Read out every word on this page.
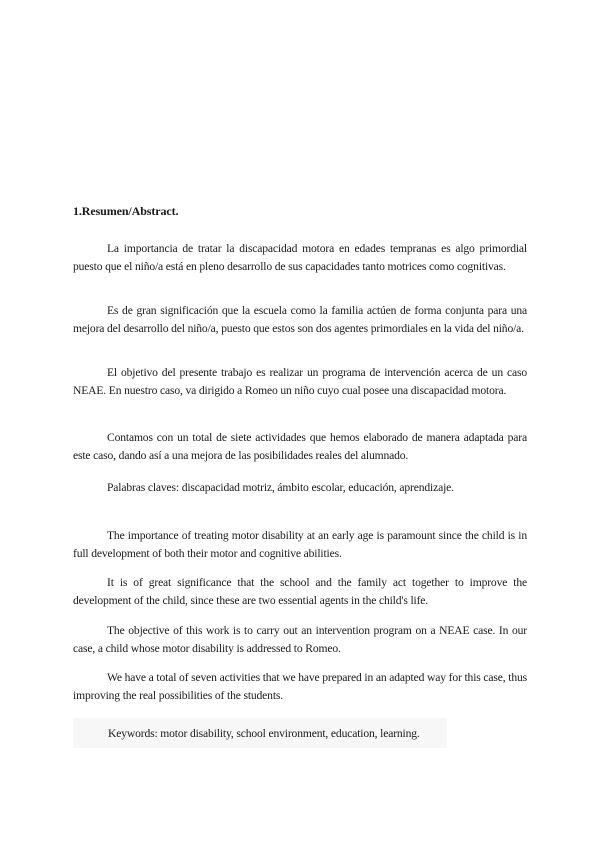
1.Resumen/Abstract.

La importancia de tratar la discapacidad motora en edades tempranas es algo primordial puesto que el niño/a está en pleno desarrollo de sus capacidades tanto motrices como cognitivas.

Es de gran significación que la escuela como la familia actúen de forma conjunta para una mejora del desarrollo del niño/a, puesto que estos son dos agentes primordiales en la vida del niño/a.

El objetivo del presente trabajo es realizar un programa de intervención acerca de un caso NEAE. En nuestro caso, va dirigido a Romeo un niño cuyo cual posee una discapacidad motora.

Contamos con un total de siete actividades que hemos elaborado de manera adaptada para este caso, dando así a una mejora de las posibilidades reales del alumnado.

Palabras claves: discapacidad motriz, ámbito escolar, educación, aprendizaje.

The importance of treating motor disability at an early age is paramount since the child is in full development of both their motor and cognitive abilities.

It is of great significance that the school and the family act together to improve the development of the child, since these are two essential agents in the child's life.

The objective of this work is to carry out an intervention program on a NEAE case. In our case, a child whose motor disability is addressed to Romeo.

We have a total of seven activities that we have prepared in an adapted way for this case, thus improving the real possibilities of the students.

Keywords: motor disability, school environment, education, learning.
